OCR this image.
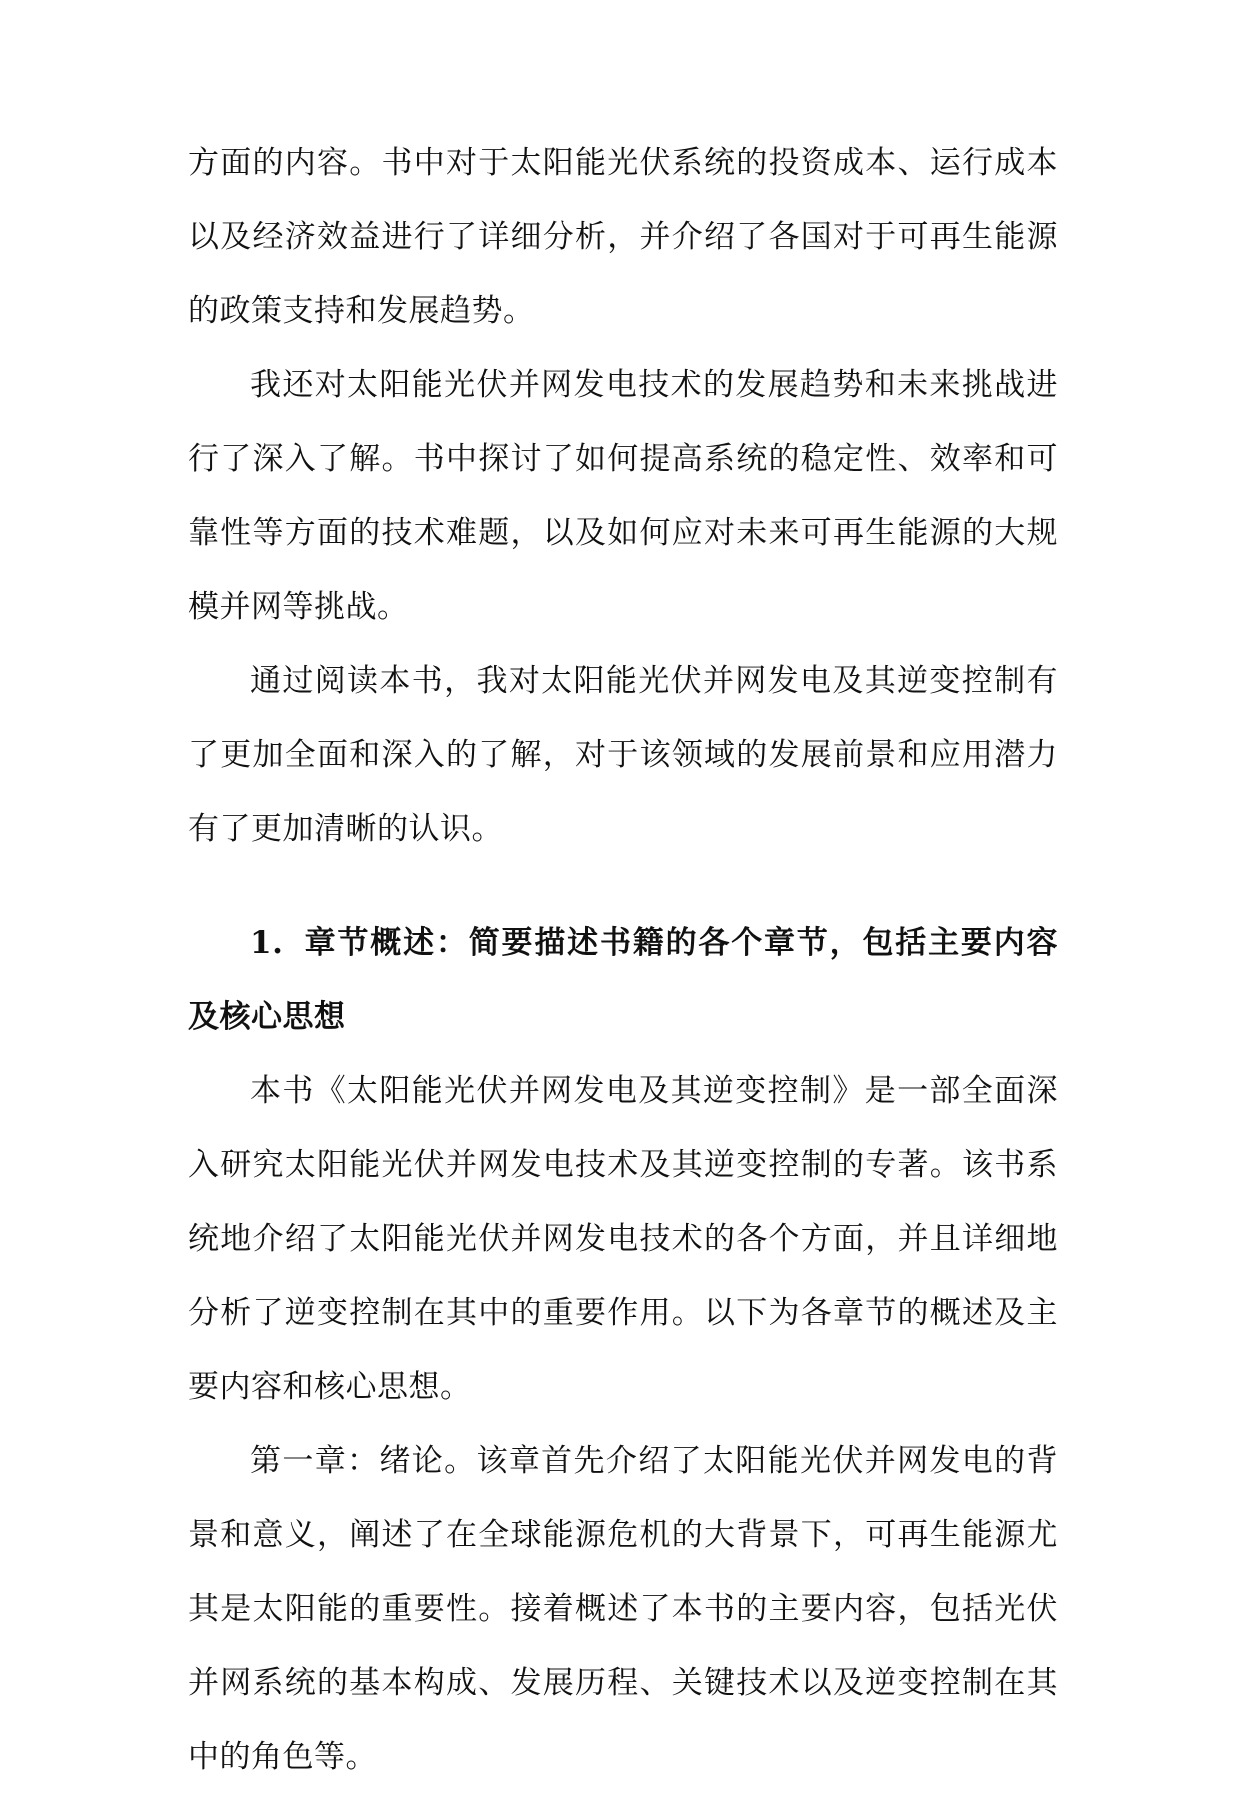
方面的内容。书中对于太阳能光伏系统的投资成本、运行成本以及经济效益进行了详细分析，并介绍了各国对于可再生能源的政策支持和发展趋势。

我还对太阳能光伏并网发电技术的发展趋势和未来挑战进行了深入了解。书中探讨了如何提高系统的稳定性、效率和可靠性等方面的技术难题，以及如何应对未来可再生能源的大规模并网等挑战。

通过阅读本书，我对太阳能光伏并网发电及其逆变控制有了更加全面和深入的了解，对于该领域的发展前景和应用潜力有了更加清晰的认识。

1. 章节概述：简要描述书籍的各个章节，包括主要内容及核心思想

本书《太阳能光伏并网发电及其逆变控制》是一部全面深入研究太阳能光伏并网发电技术及其逆变控制的专著。该书系统地介绍了太阳能光伏并网发电技术的各个方面，并且详细地分析了逆变控制在其中的重要作用。以下为各章节的概述及主要内容和核心思想。

第一章：绪论。该章首先介绍了太阳能光伏并网发电的背景和意义，阐述了在全球能源危机的大背景下，可再生能源尤其是太阳能的重要性。接着概述了本书的主要内容，包括光伏并网系统的基本构成、发展历程、关键技术以及逆变控制在其中的角色等。
